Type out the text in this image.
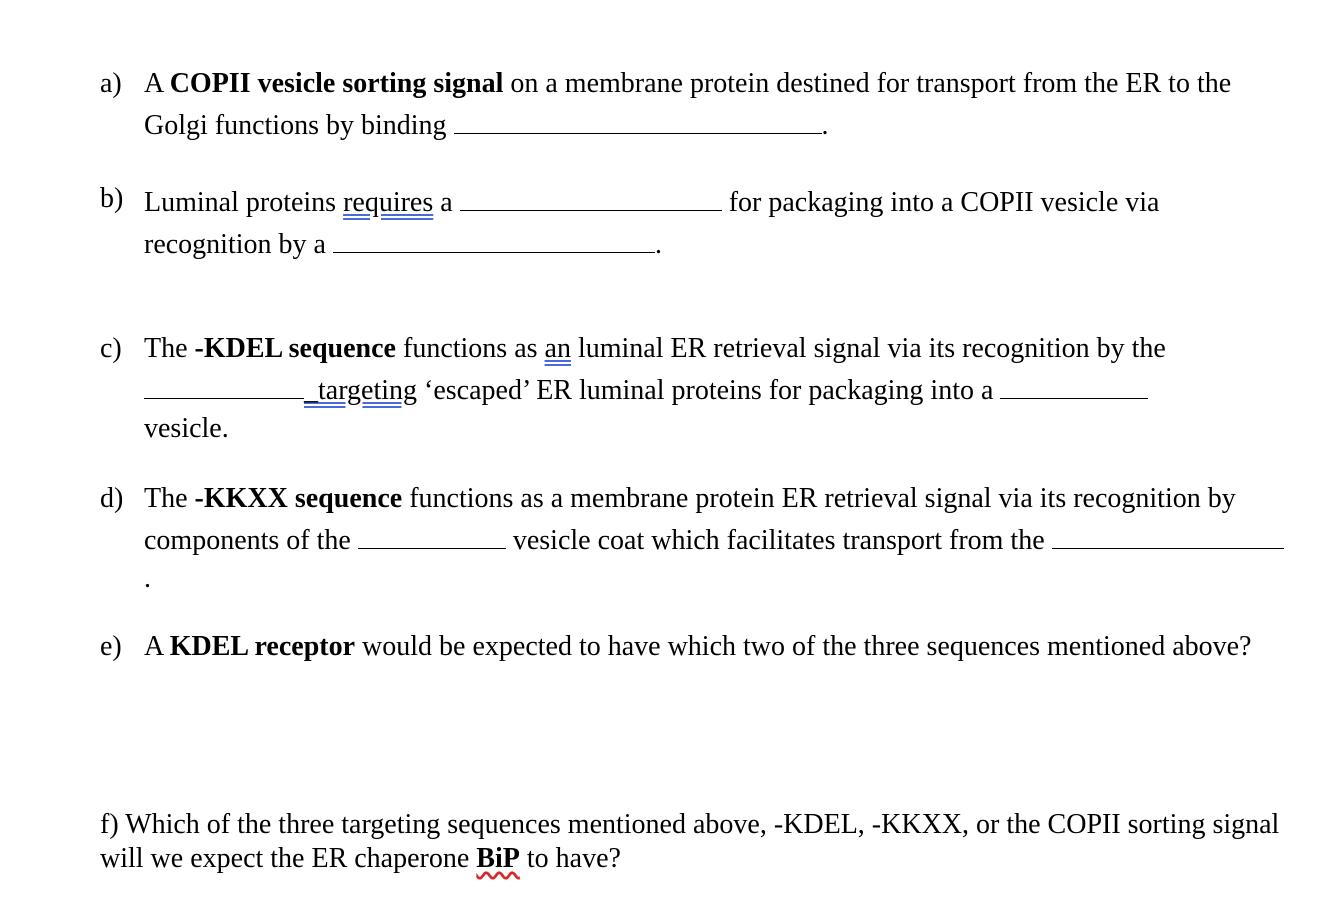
a) A COPII vesicle sorting signal on a membrane protein destined for transport from the ER to the Golgi functions by binding	.
b) Luminal proteins requires a	for packaging into a COPII vesicle via recognition by a	.
c) The -KDEL sequence functions as an luminal ER retrieval signal via its recognition by the _targeting ‘escaped’ ER luminal proteins for packaging into a
vesicle.
d) The -KKXX sequence functions as a membrane protein ER retrieval signal via its recognition by components of the	vesicle coat which facilitates transport from the .
e) A KDEL receptor would be expected to have which two of the three sequences mentioned above?
f) Which of the three targeting sequences mentioned above, -KDEL, -KKXX, or the COPII sorting signal will we expect the ER chaperone BiP to have?
